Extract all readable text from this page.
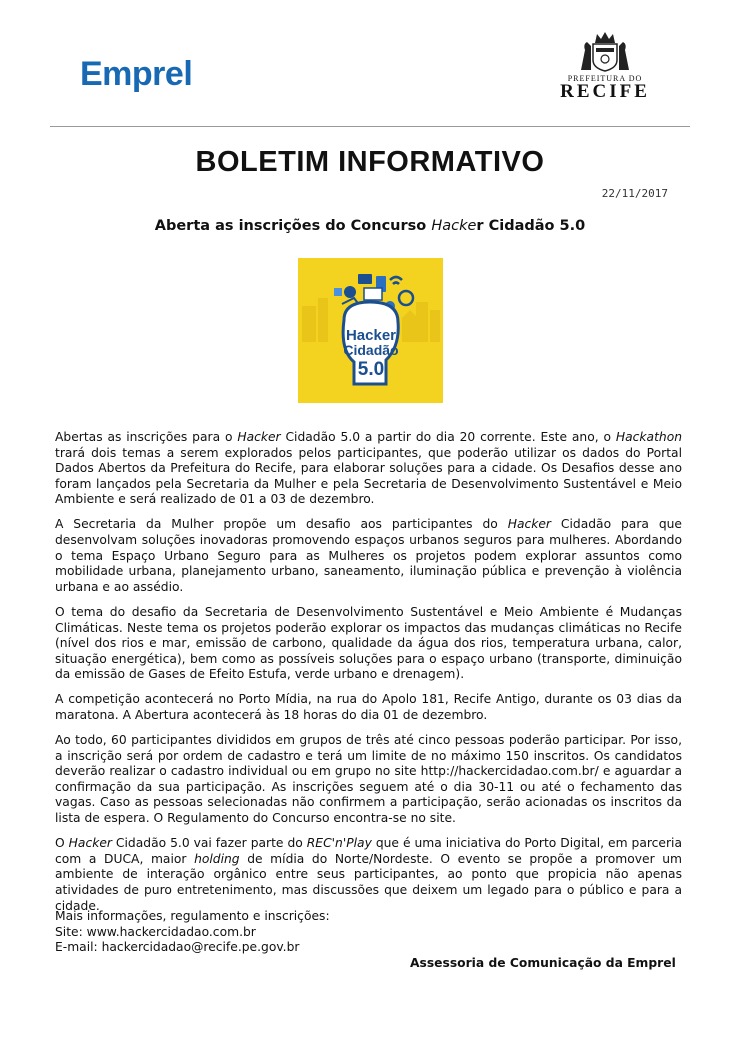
Emprel	PREFEITURA DO
RECIFE
BOLETIM INFORMATIVO
22/11/2017
Aberta as inscrições do Concurso Hacker Cidadão 5.0
Hacker
Cidadão
5.0

Abertas as inscrições para o Hacker Cidadão 5.0 a partir do dia 20 corrente. Este ano, o Hackathon trará dois temas a serem explorados pelos participantes, que poderão utilizar os dados do Portal Dados Abertos da Prefeitura do Recife, para elaborar soluções para a cidade. Os Desafios desse ano foram lançados pela Secretaria da Mulher e pela Secretaria de Desenvolvimento Sustentável e Meio Ambiente e será realizado de 01 a 03 de dezembro.

A Secretaria da Mulher propõe um desafio aos participantes do Hacker Cidadão para que desenvolvam soluções inovadoras promovendo espaços urbanos seguros para mulheres. Abordando o tema Espaço Urbano Seguro para as Mulheres os projetos podem explorar assuntos como mobilidade urbana, planejamento urbano, saneamento, iluminação pública e prevenção à violência urbana e ao assédio.

O tema do desafio da Secretaria de Desenvolvimento Sustentável e Meio Ambiente é Mudanças Climáticas. Neste tema os projetos poderão explorar os impactos das mudanças climáticas no Recife (nível dos rios e mar, emissão de carbono, qualidade da água dos rios, temperatura urbana, calor, situação energética), bem como as possíveis soluções para o espaço urbano (transporte, diminuição da emissão de Gases de Efeito Estufa, verde urbano e drenagem).

A competição acontecerá no Porto Mídia, na rua do Apolo 181, Recife Antigo, durante os 03 dias da maratona. A Abertura acontecerá às 18 horas do dia 01 de dezembro.

Ao todo, 60 participantes divididos em grupos de três até cinco pessoas poderão participar. Por isso, a inscrição será por ordem de cadastro e terá um limite de no máximo 150 inscritos. Os candidatos deverão realizar o cadastro individual ou em grupo no site http://hackercidadao.com.br/ e aguardar a confirmação da sua participação. As inscrições seguem até o dia 30-11 ou até o fechamento das vagas. Caso as pessoas selecionadas não confirmem a participação, serão acionadas os inscritos da lista de espera. O Regulamento do Concurso encontra-se no site.

O Hacker Cidadão 5.0 vai fazer parte do REC'n'Play que é uma iniciativa do Porto Digital, em parceria com a DUCA, maior holding de mídia do Norte/Nordeste. O evento se propõe a promover um ambiente de interação orgânico entre seus participantes, ao ponto que propicia não apenas atividades de puro entretenimento, mas discussões que deixem um legado para o público e para a cidade.

Mais informações, regulamento e inscrições:
Site: www.hackercidadao.com.br
E-mail: hackercidadao@recife.pe.gov.br
Assessoria de Comunicação da Emprel
